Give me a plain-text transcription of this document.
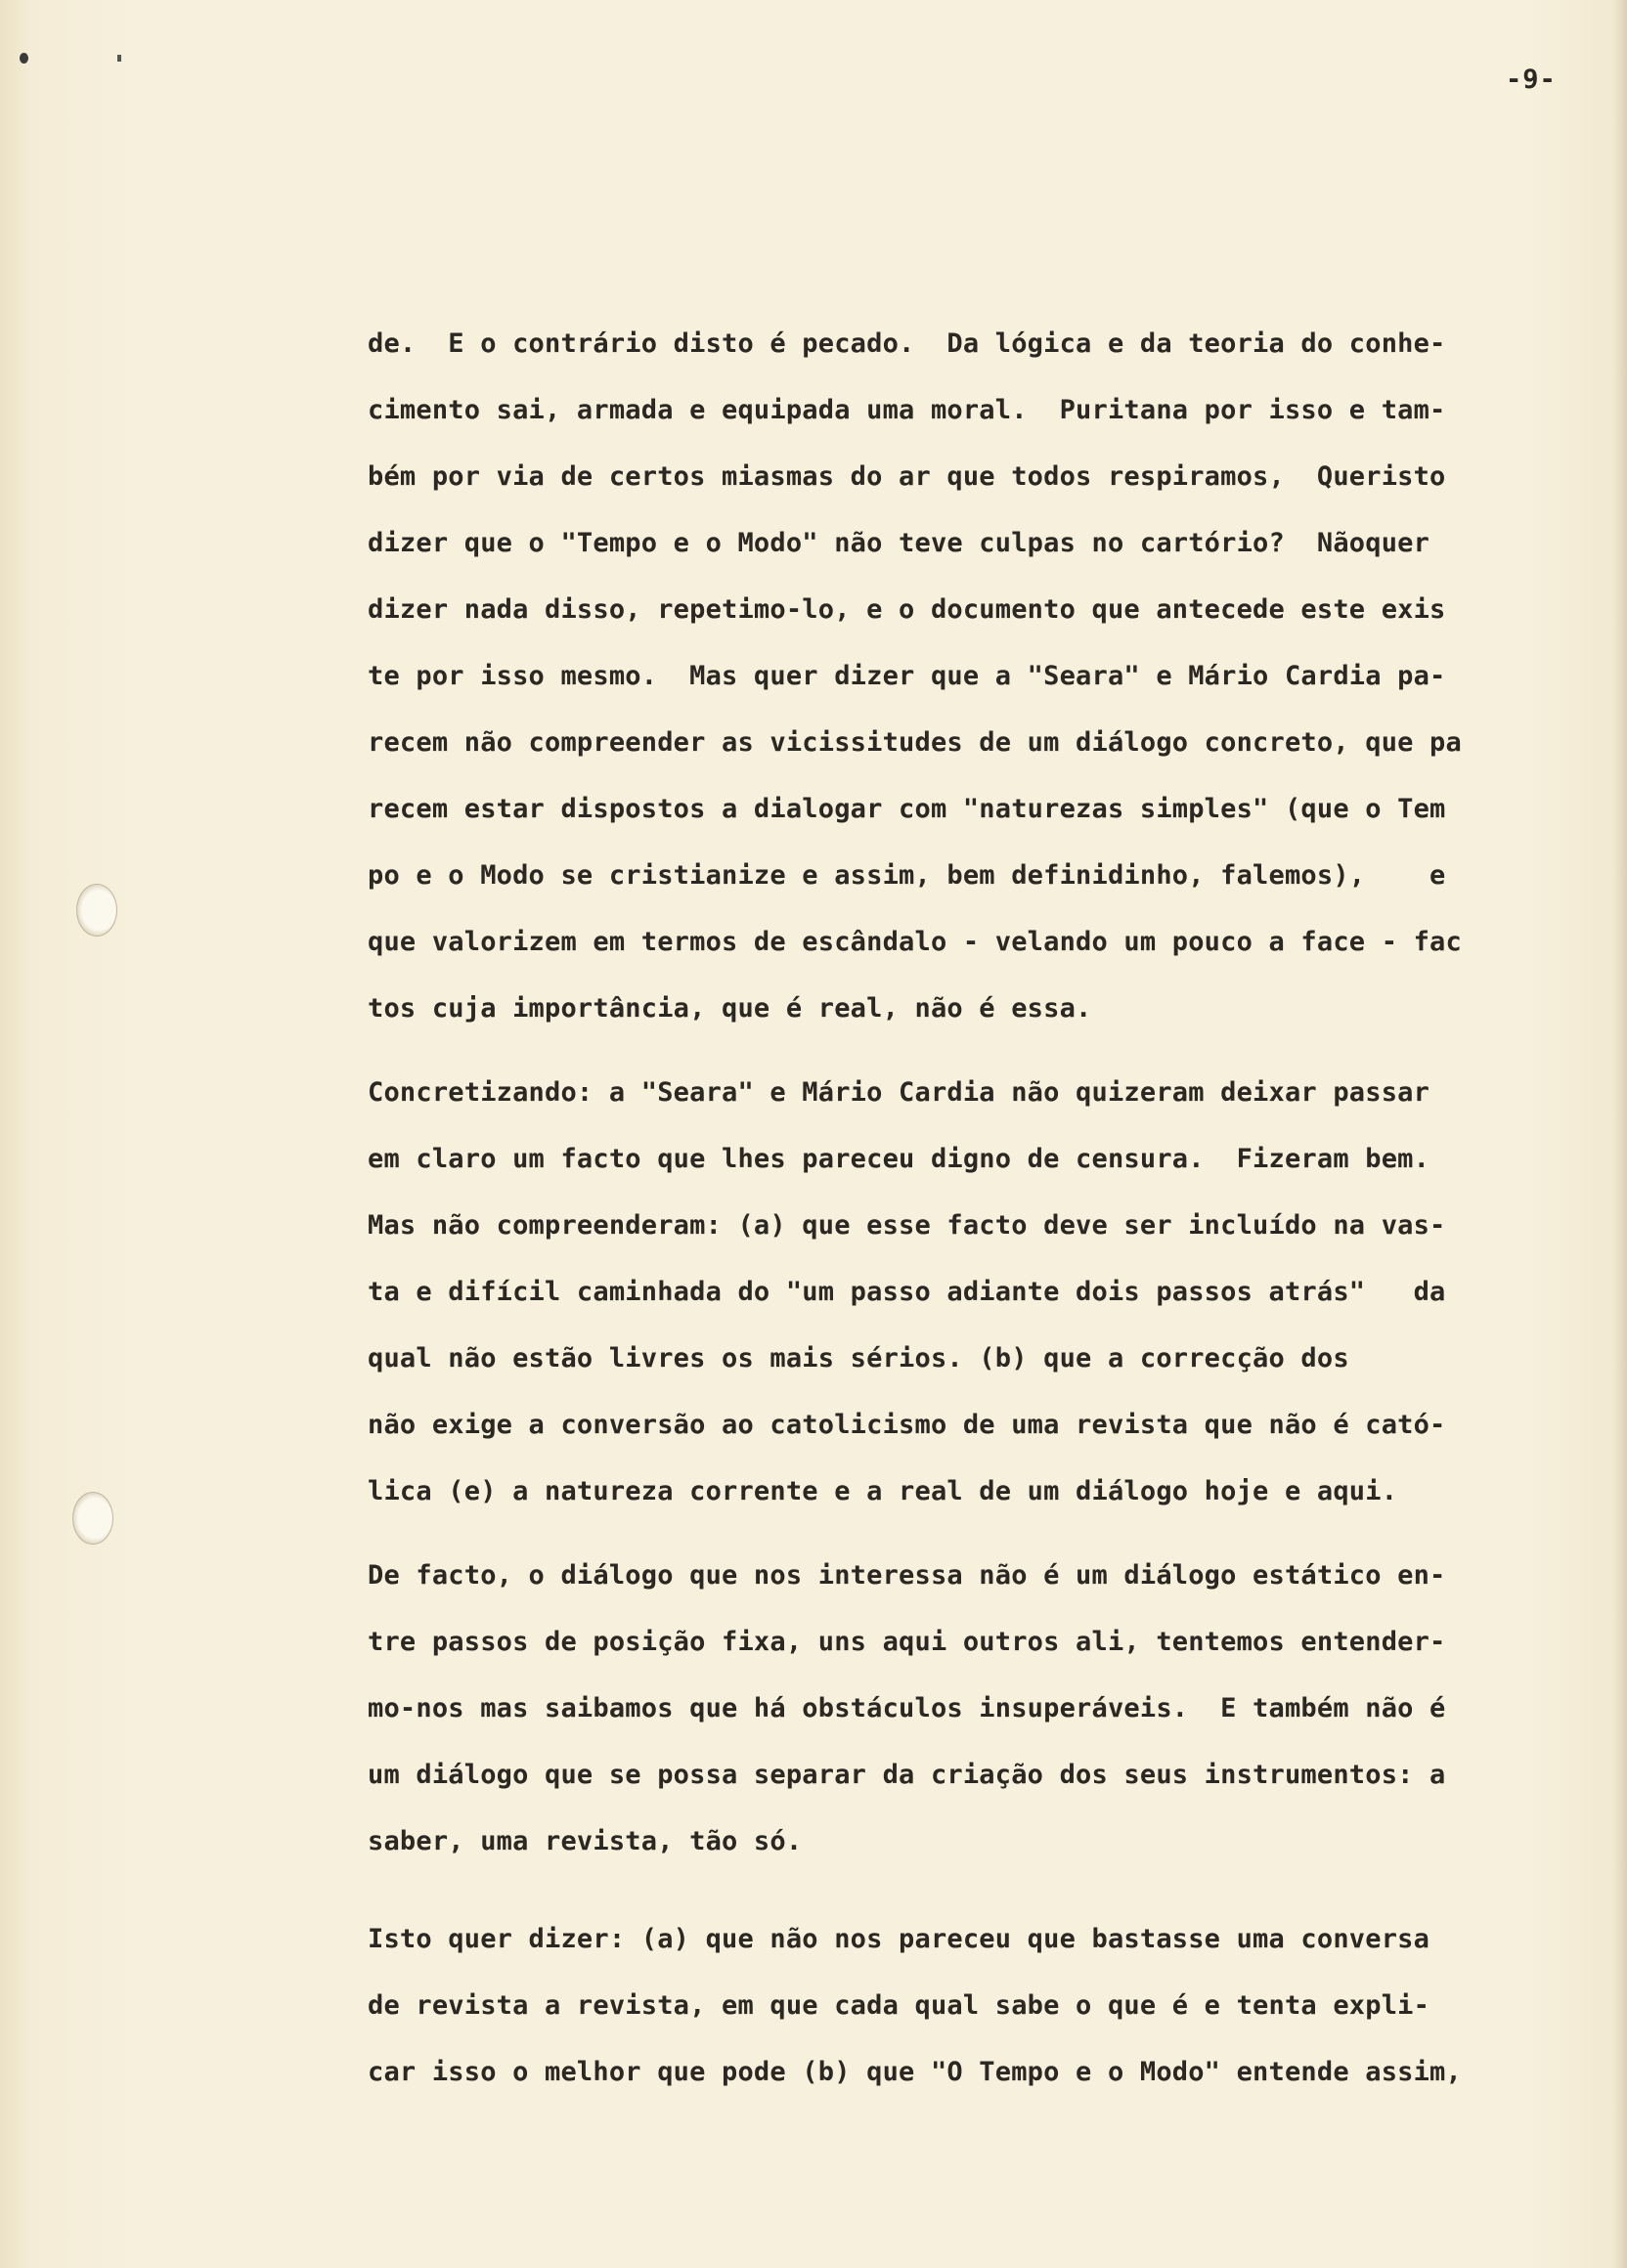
-9-

de.  E o contrário disto é pecado.  Da lógica e da teoria do conhe-
cimento sai, armada e equipada uma moral.  Puritana por isso e tam-
bém por via de certos miasmas do ar que todos respiramos,  Queristo
dizer que o "Tempo e o Modo" não teve culpas no cartório?  Nãoquer
dizer nada disso, repetimo-lo, e o documento que antecede este exis
te por isso mesmo.  Mas quer dizer que a "Seara" e Mário Cardia pa-
recem não compreender as vicissitudes de um diálogo concreto, que pa
recem estar dispostos a dialogar com "naturezas simples" (que o Tem
po e o Modo se cristianize e assim, bem definidinho, falemos),    e
que valorizem em termos de escândalo - velando um pouco a face - fac
tos cuja importância, que é real, não é essa.

Concretizando: a "Seara" e Mário Cardia não quizeram deixar passar
em claro um facto que lhes pareceu digno de censura.  Fizeram bem.
Mas não compreenderam: (a) que esse facto deve ser incluído na vas-
ta e difícil caminhada do "um passo adiante dois passos atrás"   da
qual não estão livres os mais sérios. (b) que a correcção dos
não exige a conversão ao catolicismo de uma revista que não é cató-
lica (e) a natureza corrente e a real de um diálogo hoje e aqui.

De facto, o diálogo que nos interessa não é um diálogo estático en-
tre passos de posição fixa, uns aqui outros ali, tentemos entender-
mo-nos mas saibamos que há obstáculos insuperáveis.  E também não é
um diálogo que se possa separar da criação dos seus instrumentos: a
saber, uma revista, tão só.

Isto quer dizer: (a) que não nos pareceu que bastasse uma conversa
de revista a revista, em que cada qual sabe o que é e tenta expli-
car isso o melhor que pode (b) que "O Tempo e o Modo" entende assim,
